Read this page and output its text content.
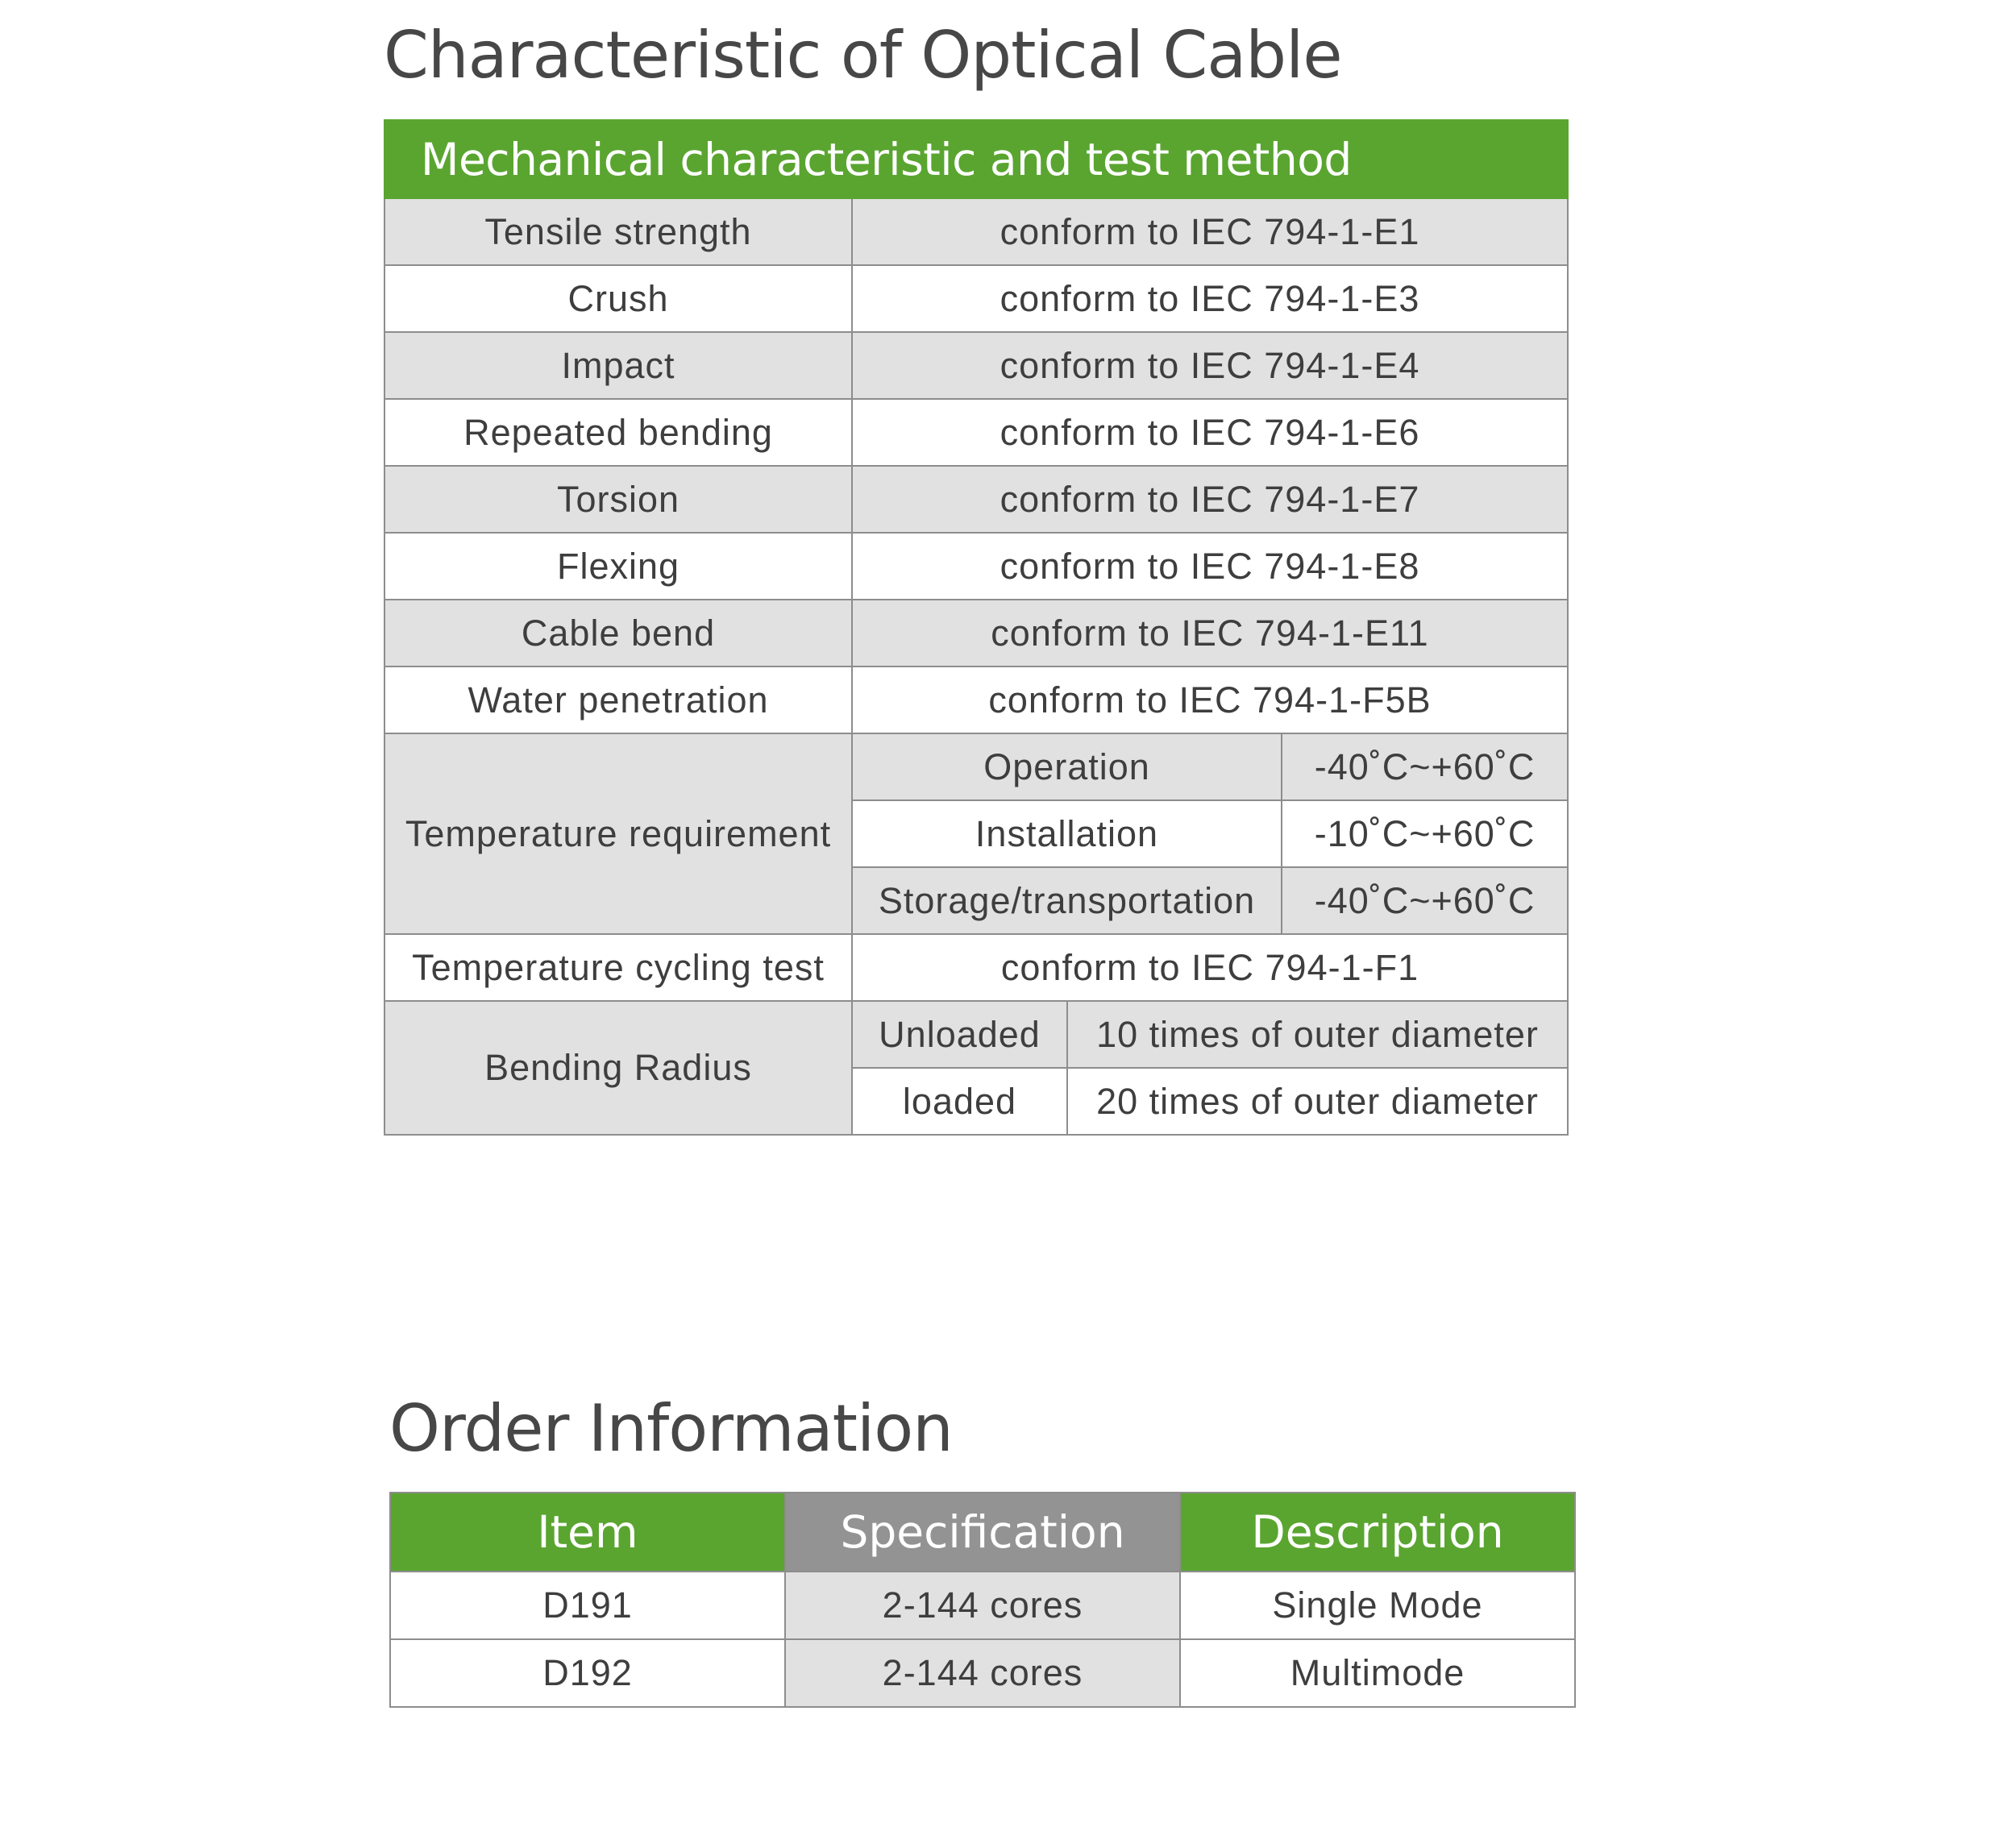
Characteristic of Optical Cable
Mechanical characteristic and test method			
Tensile strength	conform to IEC 794-1-E1		
Crush	conform to IEC 794-1-E3		
Impact	conform to IEC 794-1-E4		
Repeated bending	conform to IEC 794-1-E6		
Torsion	conform to IEC 794-1-E7		
Flexing	conform to IEC 794-1-E8		
Cable bend	conform to IEC 794-1-E11		
Water penetration	conform to IEC 794-1-F5B		
Temperature requirement	Operation		-40˚C~+60˚C
	Installation		-10˚C~+60˚C
	Storage/transportation		-40˚C~+60˚C
Temperature cycling test	conform to IEC 794-1-F1		
Bending Radius	Unloaded	10 times of outer diameter	
	loaded	20 times of outer diameter	
Order Information
Item	Specification	Description
D191	2-144 cores	Single Mode
D192	2-144 cores	Multimode
